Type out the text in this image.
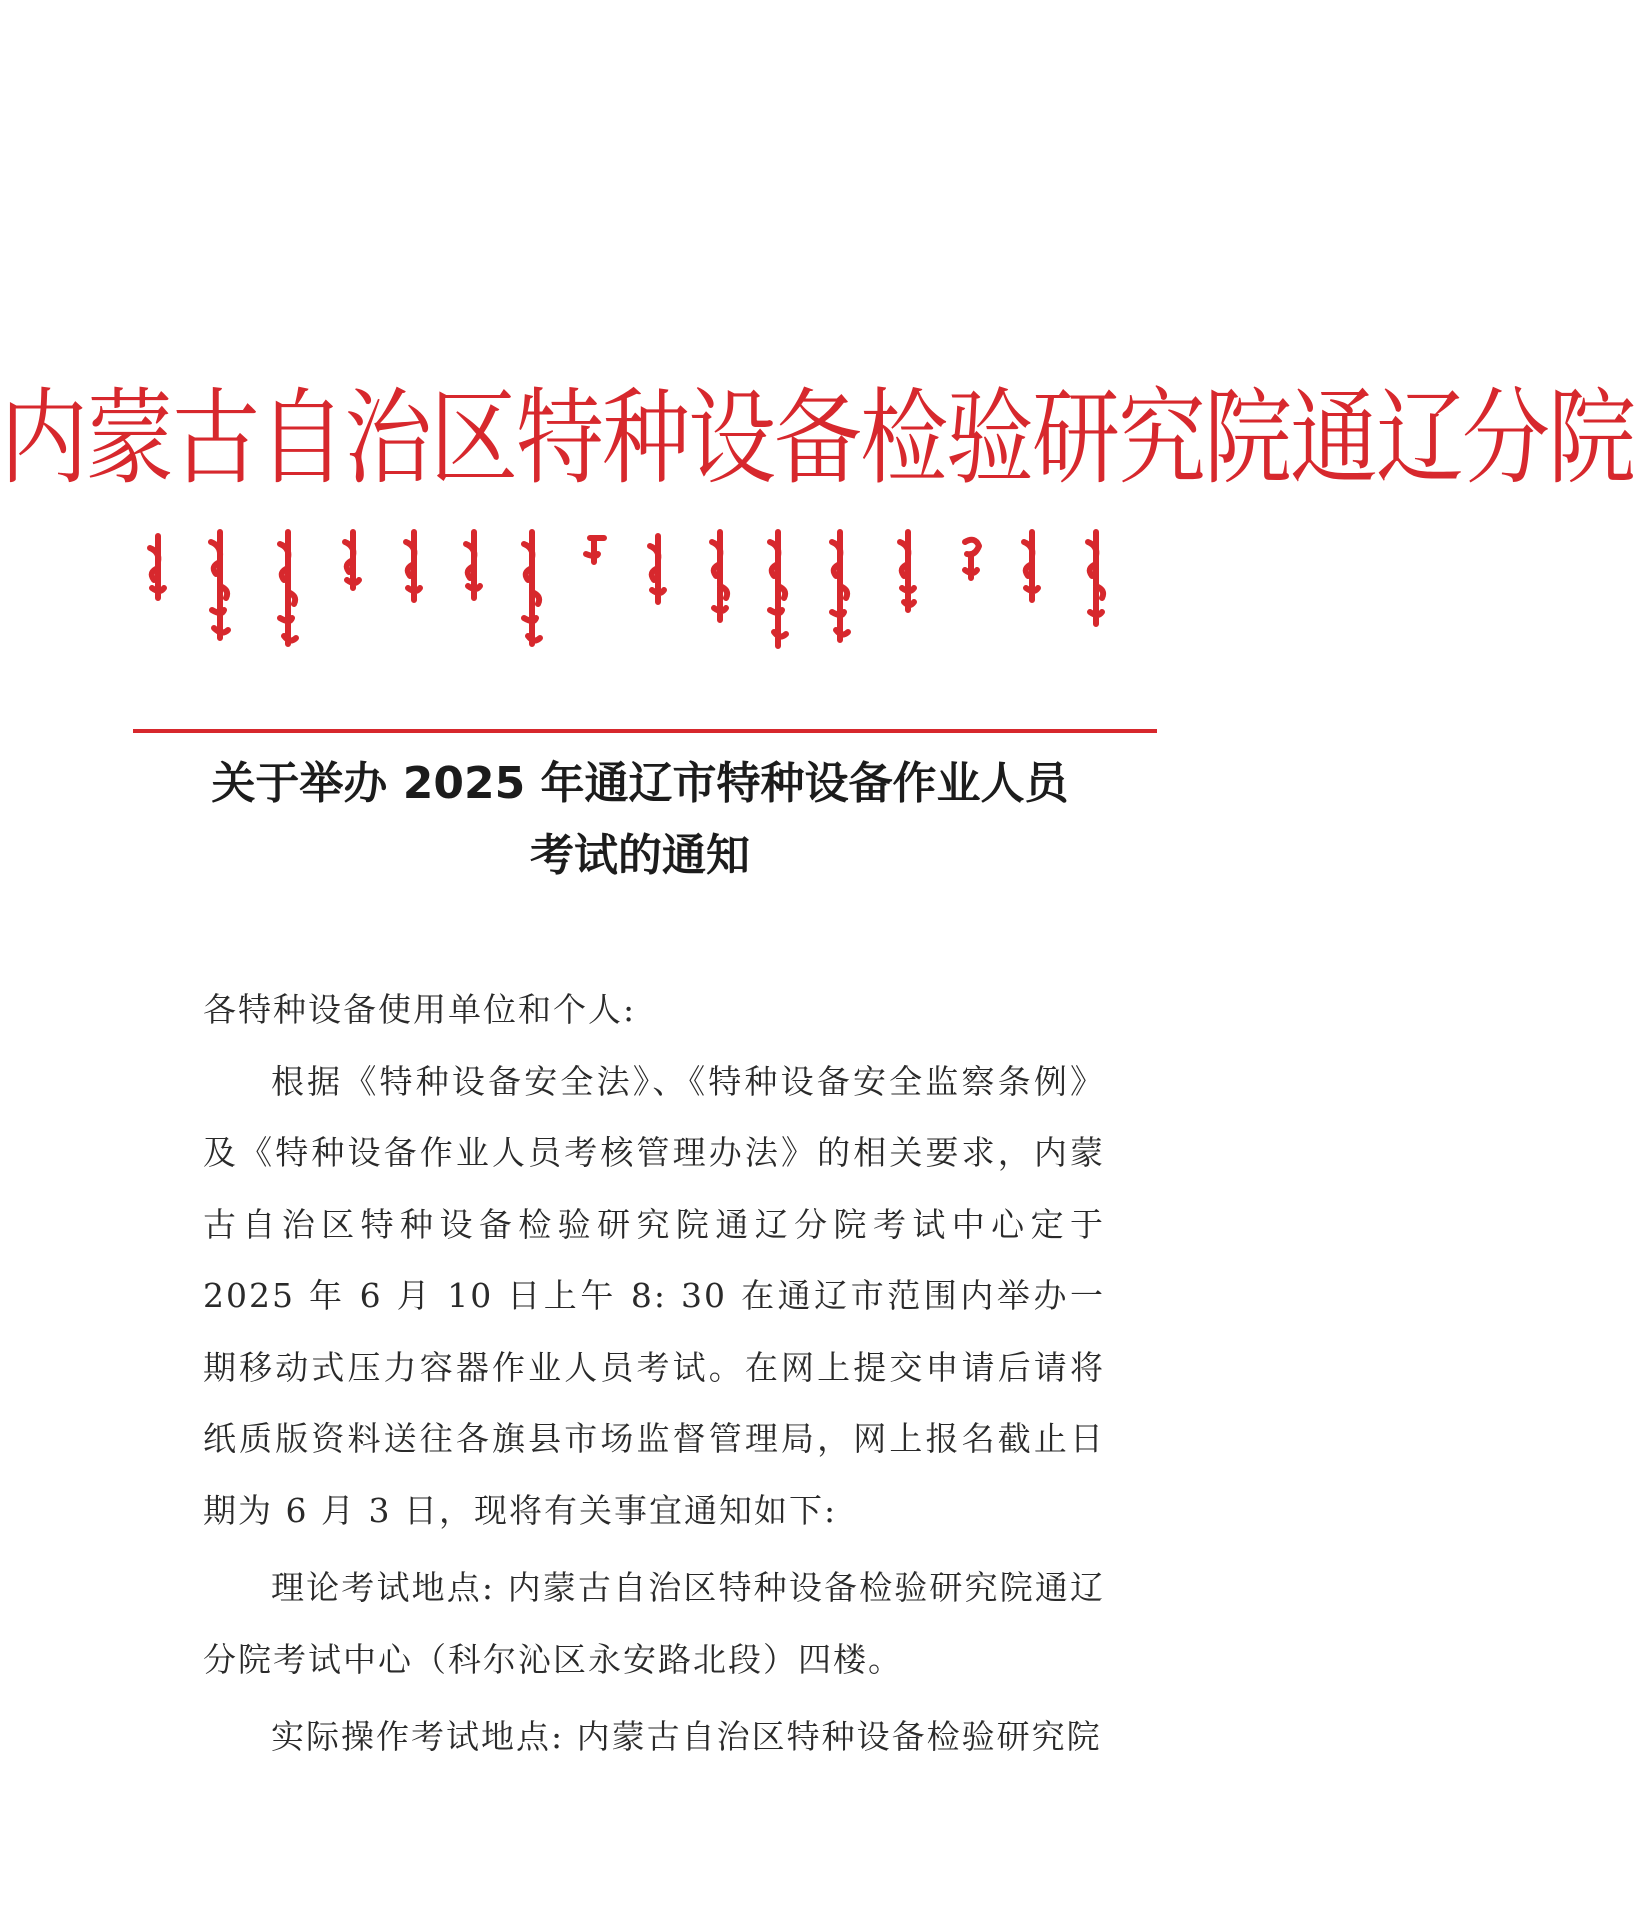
内蒙古自治区特种设备检验研究院通辽分院
关于举办 2025 年通辽市特种设备作业人员
考试的通知

各特种设备使用单位和个人:

根据《特种设备安全法》、《特种设备安全监察条例》及《特种设备作业人员考核管理办法》的相关要求，内蒙古自治区特种设备检验研究院通辽分院考试中心定于 2025 年 6 月 10 日上午 8: 30 在通辽市范围内举办一期移动式压力容器作业人员考试。在网上提交申请后请将纸质版资料送往各旗县市场监督管理局，网上报名截止日期为 6 月 3 日，现将有关事宜通知如下:

理论考试地点: 内蒙古自治区特种设备检验研究院通辽分院考试中心（科尔沁区永安路北段）四楼。

实际操作考试地点: 内蒙古自治区特种设备检验研究院
